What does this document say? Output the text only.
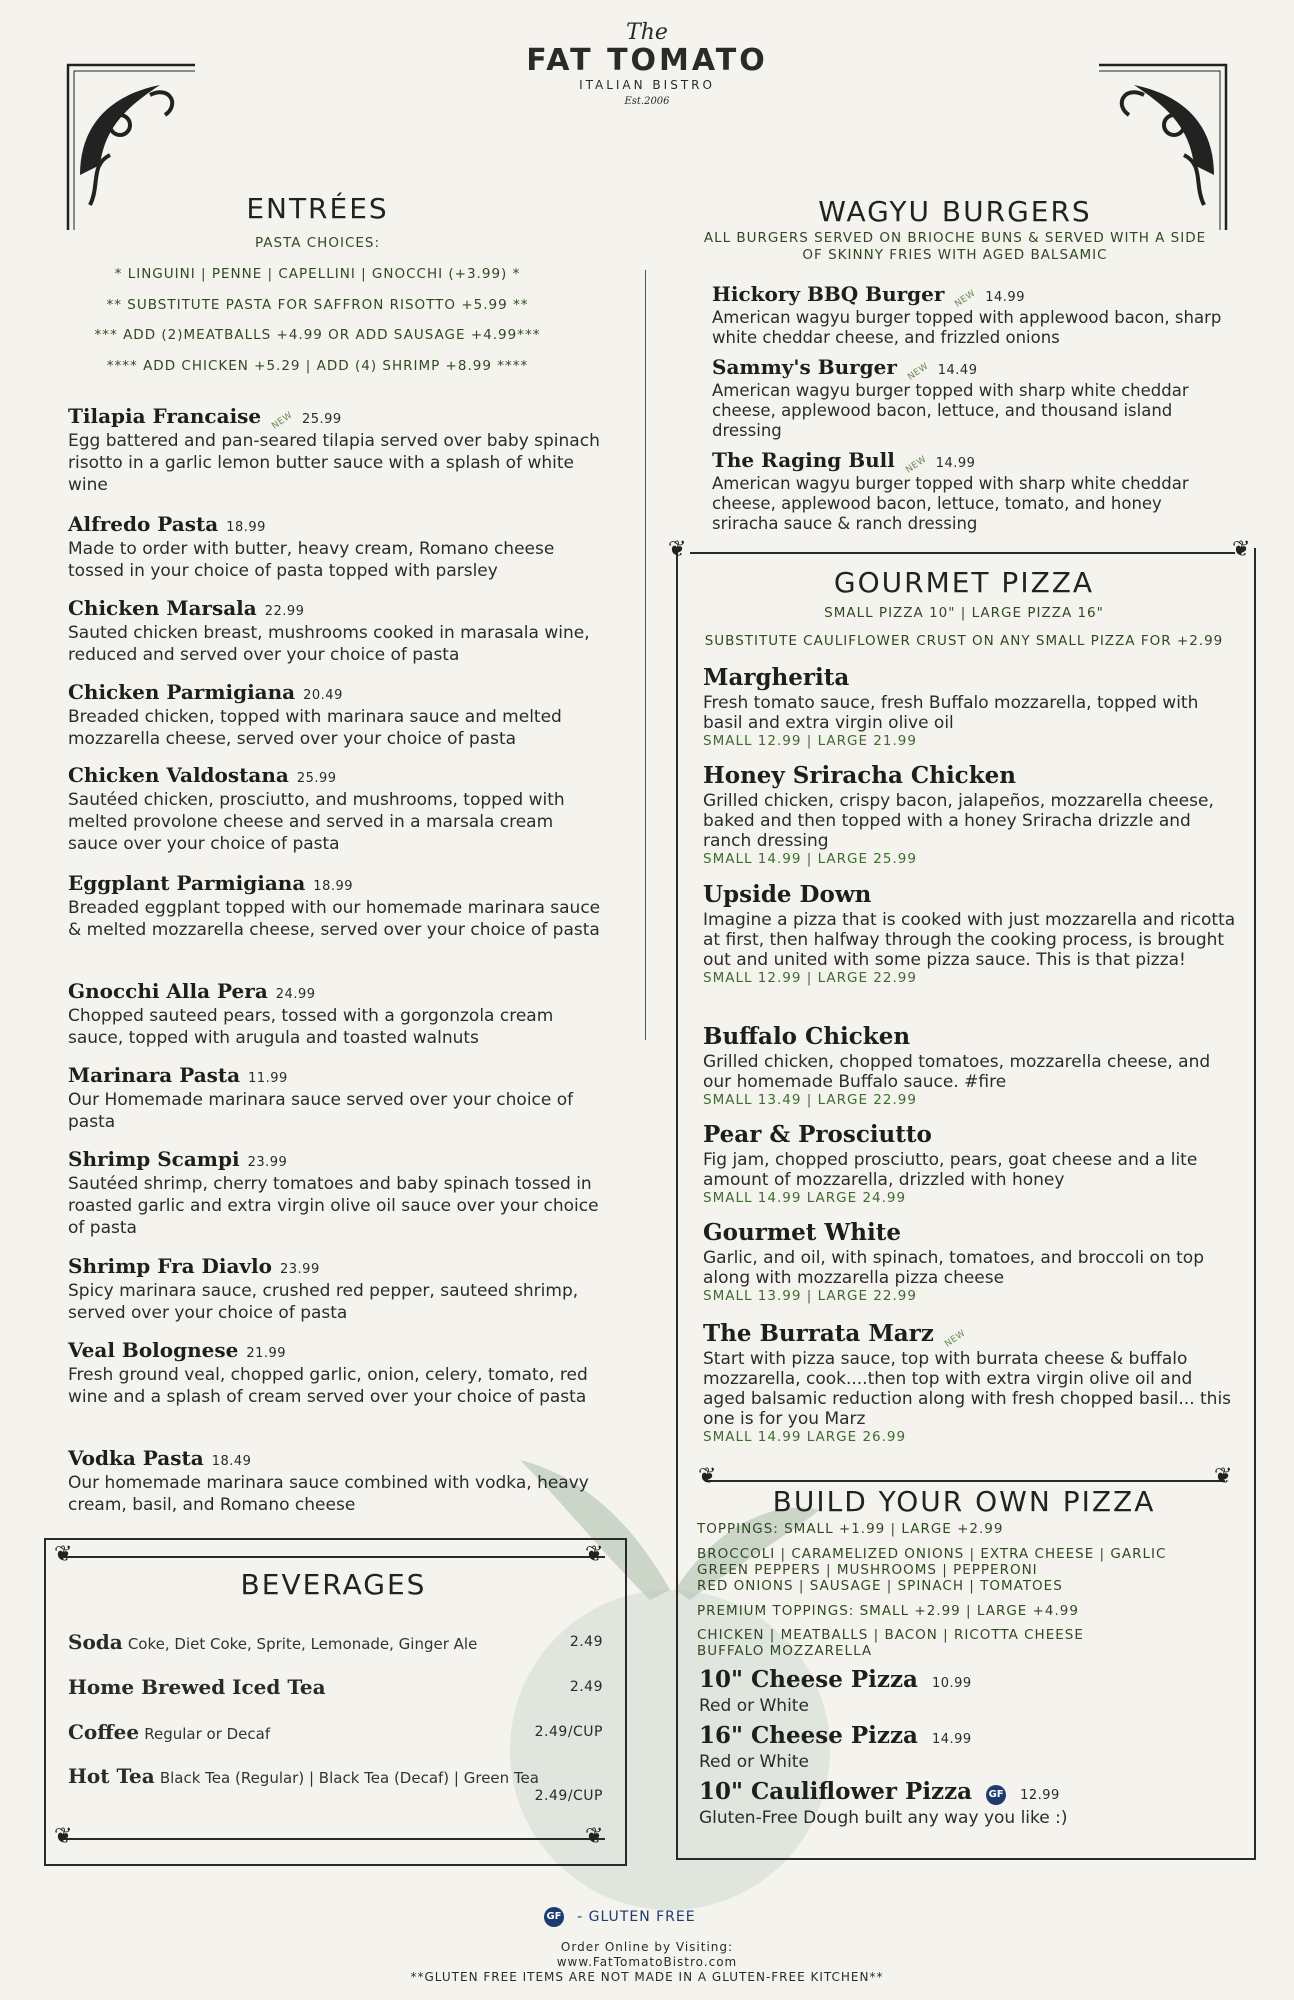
The
FAT TOMATO
ITALIAN BISTRO
Est.2006
ENTRÉES
PASTA CHOICES:
* LINGUINI | PENNE | CAPELLINI | GNOCCHI (+3.99) *
** SUBSTITUTE PASTA FOR SAFFRON RISOTTO +5.99 **
*** ADD (2)MEATBALLS +4.99 OR ADD SAUSAGE +4.99***
**** ADD CHICKEN +5.29 | ADD (4) SHRIMP +8.99 ****
Tilapia Francaise NEW 25.99
Egg battered and pan-seared tilapia served over baby spinach risotto in a garlic lemon butter sauce with a splash of white wine
Alfredo Pasta 18.99
Made to order with butter, heavy cream, Romano cheese tossed in your choice of pasta topped with parsley
Chicken Marsala 22.99
Sauted chicken breast, mushrooms cooked in marasala wine, reduced and served over your choice of pasta
Chicken Parmigiana 20.49
Breaded chicken, topped with marinara sauce and melted mozzarella cheese, served over your choice of pasta
Chicken Valdostana 25.99
Sautéed chicken, prosciutto, and mushrooms, topped with melted provolone cheese and served in a marsala cream sauce over your choice of pasta
Eggplant Parmigiana 18.99
Breaded eggplant topped with our homemade marinara sauce & melted mozzarella cheese, served over your choice of pasta
Gnocchi Alla Pera 24.99
Chopped sauteed pears, tossed with a gorgonzola cream sauce, topped with arugula and toasted walnuts
Marinara Pasta 11.99
Our Homemade marinara sauce served over your choice of pasta
Shrimp Scampi 23.99
Sautéed shrimp, cherry tomatoes and baby spinach tossed in roasted garlic and extra virgin olive oil sauce over your choice of pasta
Shrimp Fra Diavlo 23.99
Spicy marinara sauce, crushed red pepper, sauteed shrimp, served over your choice of pasta
Veal Bolognese 21.99
Fresh ground veal, chopped garlic, onion, celery, tomato, red wine and a splash of cream served over your choice of pasta
Vodka Pasta 18.49
Our homemade marinara sauce combined with vodka, heavy cream, basil, and Romano cheese
❦	❦
❦	❦
BEVERAGES
Soda Coke, Diet Coke, Sprite, Lemonade, Ginger Ale	2.49
Home Brewed Iced Tea	2.49
Coffee Regular or Decaf	2.49/CUP
Hot Tea Black Tea (Regular) | Black Tea (Decaf) | Green Tea
2.49/CUP
WAGYU BURGERS
ALL BURGERS SERVED ON BRIOCHE BUNS & SERVED WITH A SIDE OF SKINNY FRIES WITH AGED BALSAMIC
Hickory BBQ Burger NEW 14.99
American wagyu burger topped with applewood bacon, sharp white cheddar cheese, and frizzled onions
Sammy's Burger NEW 14.49
American wagyu burger topped with sharp white cheddar cheese, applewood bacon, lettuce, and thousand island dressing
The Raging Bull NEW 14.99
American wagyu burger topped with sharp white cheddar cheese, applewood bacon, lettuce, tomato, and honey sriracha sauce & ranch dressing
❦	❦
GOURMET PIZZA
SMALL PIZZA 10" | LARGE PIZZA 16"
SUBSTITUTE CAULIFLOWER CRUST ON ANY SMALL PIZZA FOR +2.99
Margherita
Fresh tomato sauce, fresh Buffalo mozzarella, topped with basil and extra virgin olive oil
SMALL 12.99 | LARGE 21.99
Honey Sriracha Chicken
Grilled chicken, crispy bacon, jalapeños, mozzarella cheese, baked and then topped with a honey Sriracha drizzle and ranch dressing
SMALL 14.99 | LARGE 25.99
Upside Down
Imagine a pizza that is cooked with just mozzarella and ricotta at first, then halfway through the cooking process, is brought out and united with some pizza sauce. This is that pizza!
SMALL 12.99 | LARGE 22.99
Buffalo Chicken
Grilled chicken, chopped tomatoes, mozzarella cheese, and our homemade Buffalo sauce. #fire
SMALL 13.49 | LARGE 22.99
Pear & Prosciutto
Fig jam, chopped prosciutto, pears, goat cheese and a lite amount of mozzarella, drizzled with honey
SMALL 14.99 LARGE 24.99
Gourmet White
Garlic, and oil, with spinach, tomatoes, and broccoli on top along with mozzarella pizza cheese
SMALL 13.99 | LARGE 22.99
The Burrata Marz NEW
Start with pizza sauce, top with burrata cheese & buffalo mozzarella, cook....then top with extra virgin olive oil and aged balsamic reduction along with fresh chopped basil... this one is for you Marz
SMALL 14.99 LARGE 26.99
❦	❦
BUILD YOUR OWN PIZZA
TOPPINGS: SMALL +1.99 | LARGE +2.99
BROCCOLI | CARAMELIZED ONIONS | EXTRA CHEESE | GARLIC
GREEN PEPPERS | MUSHROOMS | PEPPERONI
RED ONIONS | SAUSAGE | SPINACH | TOMATOES
PREMIUM TOPPINGS: SMALL +2.99 | LARGE +4.99
CHICKEN | MEATBALLS | BACON | RICOTTA CHEESE
BUFFALO MOZZARELLA
10" Cheese Pizza 10.99
Red or White
16" Cheese Pizza 14.99
Red or White
10" Cauliflower Pizza GF 12.99
Gluten-Free Dough built any way you like :)
GF - GLUTEN FREE
Order Online by Visiting:
www.FatTomatoBistro.com
**GLUTEN FREE ITEMS ARE NOT MADE IN A GLUTEN-FREE KITCHEN**
